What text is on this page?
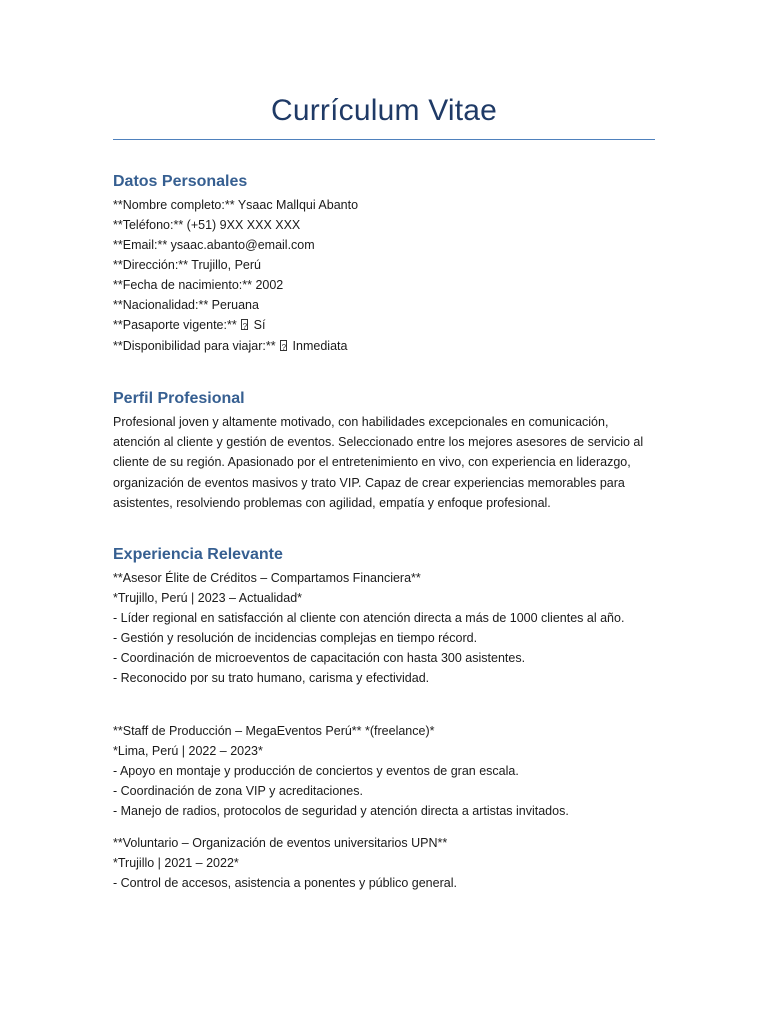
Currículum Vitae
Datos Personales
**Nombre completo:** Ysaac Mallqui Abanto
**Teléfono:** (+51) 9XX XXX XXX
**Email:** ysaac.abanto@email.com
**Dirección:** Trujillo, Perú
**Fecha de nacimiento:** 2002
**Nacionalidad:** Peruana
**Pasaporte vigente:** ? Sí
**Disponibilidad para viajar:** ? Inmediata
Perfil Profesional
Profesional joven y altamente motivado, con habilidades excepcionales en comunicación,
atención al cliente y gestión de eventos. Seleccionado entre los mejores asesores de servicio al
cliente de su región. Apasionado por el entretenimiento en vivo, con experiencia en liderazgo,
organización de eventos masivos y trato VIP. Capaz de crear experiencias memorables para
asistentes, resolviendo problemas con agilidad, empatía y enfoque profesional.
Experiencia Relevante
**Asesor Élite de Créditos – Compartamos Financiera**
*Trujillo, Perú | 2023 – Actualidad*
- Líder regional en satisfacción al cliente con atención directa a más de 1000 clientes al año.
- Gestión y resolución de incidencias complejas en tiempo récord.
- Coordinación de microeventos de capacitación con hasta 300 asistentes.
- Reconocido por su trato humano, carisma y efectividad.
**Staff de Producción – MegaEventos Perú** *(freelance)*
*Lima, Perú | 2022 – 2023*
- Apoyo en montaje y producción de conciertos y eventos de gran escala.
- Coordinación de zona VIP y acreditaciones.
- Manejo de radios, protocolos de seguridad y atención directa a artistas invitados.
**Voluntario – Organización de eventos universitarios UPN**
*Trujillo | 2021 – 2022*
- Control de accesos, asistencia a ponentes y público general.
